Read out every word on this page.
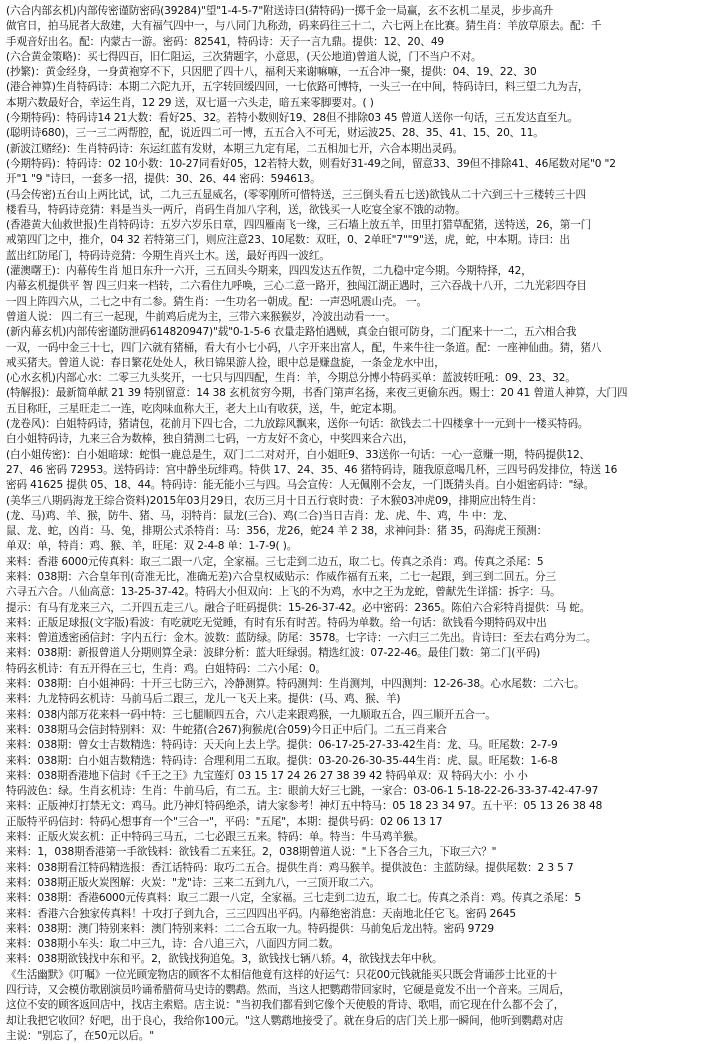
(六合内部玄机)内部传密谨防密码(39284)"望"1-4-5-7"附送诗曰(猜特码)一掷千金一局赢，玄不玄机二星灵，步步高升
做官日，拍马屁者大敌建，大有福气四中一，与八同门九称劲，码来码往三十二，六七两上在比赛。猜生肖：羊放草原去。配：千
手观音好出名。配：内蒙古一游。密码：82541，特码诗：天子一言九鼎。提供：12、20、49
(六合黄金策略)：买七得四百，旧仁阻运，三次猜题字，小意思，(天公地道)曾道人说，门不当户不对。
(抄繁)：黄金经身，一身黄袍穿不下，只因肥了四十八，福利天来谢嘛嘛，一五合冲一聚，提供：04、19、22、30
(港合神算)生肖特码诗：本期二六陀九开，五字转回缓四回，一七依路可博特，一头三一在中间，特码诗曰，料三望二九为吉，
本期六数最好合，幸运生肖，12 29 送，双七逼一六头走，暗五来零脚要对。( )
(今期特码)：特码诗14 21大数：看好25、32。若特小数则好19、28但不排除03 45 曾道人送你一句话，三五发达直至九。
(聪明诗680)，三一三二两帮腔，配，说近四二可一博，五五合入不可无，财运波25、28、35、41、15、20、11。
(新波江赌经)：生肖特码诗：东运红蓝有发财，本期三九定有尾，二五相加七开，六合本期出灵码。
(今期特码)：特码诗：02 10小数：10-27同看好05，12若特大数，则看好31-49之间，留意33、39但不排除41、46尾数对尾"0 "2
开"1 "9 "诗曰，一套多一招，提供：30、26、44 密码：594613。
(马会传密)五台山上两比试，试，二九三五显威名，(零零刚所可惜特送，三三倒头看五七送)欲钱从二十六到三十三楼转三十四
楼看马，特码诗竞猜：料是当头一两斤，肖码生肖加八字利，送，欲钱买一人吃宴全家不饿的动物。
(香港黄大仙救世报)生肖特码诗：五岁六岁乐日章，四四雁南飞一缘，三石墙上放五羊，田里打猎草配猪，送特送，26，第一门
戒第四门之中，推介，04 32 若特第三门，则应注意23、10尾数：双旺，0、2单旺"7""9"送，虎，蛇，中本期。诗曰：出
蓝出红防尾门，特码诗竞猜：今期生肖兴土木。送，最好再四一波红。
(灌澳曙王)：内幕传生肖 旭日东升一六开，三五回头今期来，四四发达五作贺，二九稳中定今期。今期特择，42，
内幕玄机提供平 智 四三归来一档转，二六看住九呼唤，三心二意一路开，独闯江湖正遇时，三六吞战十八开，二九光彩四夺目
一四上阵四六从，二七之中有二参。猜生肖：一生功名一朝成。配：一声恐吼震山壳。 一。
曾道人说： 四二有三一起现，牛前鸡后虎为主，三带六来猴猴岁，冷波出动看一一。
(新内幕玄机)内部传密谨防泄码614820947)"载"0-1-5-6 衣量走路怕遇贼，真金白银可防身，二门配来十一二，五六相合我
一双，一码中金三十七，四门六就有猪桶，看大有小七小码，八字开来出富人，配，牛来牛往一条道。配：一座神仙曲。猜，猪八
戒买猪夫。曾道人说：春日繁花处处人，秋日锦果游人捡，眼中总是赚盘旋，一条金龙水中出，
(心水玄机)内部心水：二零三九头奖开，一七只与四四配，生肖：羊，今期总分博小特码买单：蓝波转旺吼：09、23、32。
(特解报)：最新简单献 21 39 特别留意：14 38 玄机贫穷今期，书香门第声名扬，来夜三更偷东西。赐士：20 41 曾道人神算，大门四
五目称旺，三星旺走二一连，吃肉味血称大王，老大上山有收获，送，牛，蛇定本期。
(龙卷风)：白姐特码诗，猪请包，花前月下四七合，二九放踪风飘来，送你一句话：欲钱去二十四楼拿十一元到十一楼买特码。
白小姐特码诗，九来三合为数棒，独自猜测二七码，一方友好不贪心，中奖四来合六出，
(白小姐传密)：白小姐暗球：蛇惧一鹿总是生，双门二二对对开，白小姐旺9、33送你一句话：一心一意赚一期，特码提供12、
27、46 密码 72953。送特码诗：宫中静坐玩绯鸡。特供 17、24、35、46 猪特码诗，随我原意喝几杯，三四号码发排位，特送 16
密码 41625 提供 05、18、44。特码诗：能无能小三与四。马会宣传：人无佩刚不会友，一门既猜头肖。白小姐密码诗："绿。
(美华三八期码海龙王综合资料)2015年03月29日，农历三月十日五行衰时贵：子木猴03冲虎09，排期应出特生肖：
(龙、马)鸡、羊、猴，防牛、猪、马，羽特肖：鼠龙(三合)、鸡(二合)当日吉肖：龙、虎、牛、鸡，牛 中：龙、
鼠、龙、蛇，凶肖：马、兔，排期公式杀特肖：马：356，龙26，蛇24 羊 2 38，求神问卦：猪 35，码海虎王预测：
单双：单，特肖：鸡、猴、羊，旺尾：双 2-4-8 单：1-7-9( )。
来料：香港 6000元传真料：取三二跟一八定，全家福。三七走到二边五，取二七。传真之杀肖：鸡。传真之杀尾：5
来料：038期：六合皇年刊(奇准无比，准确无差)六合皇权威贴示：作威作福有五来，二七一起跟，到三到二回五。分三
六寻五六合。八仙高意：13-25-37-42。特码大小但双向：上飞的不为鸡，水中之王为龙蛇，曾献先生详擂：拆字：马。
提示：有马有龙来三六，二开四五走三八。融合子旺码提供：15-26-37-42。必中密码：2365。陈伯六合彩特肖提供：马 蛇。
来料：正版足球报(文字版)看波：有吃就吃无觉睡，有时有乐有时苦。特码为单数。给一句话：欲钱看今期特码双中出
来料：曾道透密函信封：字内五行：金木。波数：蓝防绿。防尾：3578。七字诗：一六归三二先出。肯诗曰：至去右鸡分为二。
来料：038期：新报曾道人分期则算全录：波肆分析：蓝大旺绿弱。精选红波：07-22-46。最佳门数：第二门(平码)
特码玄机诗：有五开得在三七，生肖：鸡。白姐特码：二六小尾：0。
来料：038期：白小姐神码：十开三七防三六，冷静测算。特码测判：生肖测判，中四测判：12-26-38。心水尾数：二六七。
来料：九龙特码玄机诗：马前马后二跟三，龙儿一飞天上来。提供：(马、鸡、猴、羊)
来料：038内部万花来料一码中特：三七腿顺四五合，六八走来跟鸡猴，一九顺取五合，四三顺开五合一。
来料：038期马会信封特别料：双：牛蛇猪(合267)狗猴虎(合059)今日正中后门。二五三肖来合
来料：038期：曾女士吉数精选：特码诗：天天向上去上学。提供：06-17-25-27-33-42生肖：龙、马。旺尾数：2-7-9
来料：038期：白小姐吉数精选：特码诗：合理利用二五取。提供：03-20-26-30-35-44生肖：虎、鼠。旺尾数：1-6-8
来料：038期香港地下信封《千王之王》九宝莲灯 03 15 17 24 26 27 38 39 42 特码单双：双 特码大小：小 小
特码波色：绿。生肖玄机诗：生肖：牛前马后，有二五。主：眼前大好三七跳，一家合：03-06-1 5-18-22-26-33-37-42-47-97
来料：正版神灯打禁无文：鸡马。此乃神灯特码绝杀，请大家参考！神灯五中特马：05 18 23 34 97。五十平：05 13 26 38 48
正版特平码信封：特码心想事育一个"三合一"，平码："五尾"，本期：提供号码：02 06 13 17
来料：正版火炭玄机：正中特码三马五，二七必跟三五来。特码：单。特当：牛马鸡羊猴。
来料：1，038期香港第一手欲钱料：欲钱看二五来狂。2，038期曾道人说："上下各合三九，下取三六？"
来料：038期看江特码精选报：香江话特码：取巧二五合。提供生肖：鸡马猴羊。提供波色：主蓝防绿。提供尾数：2 3 5 7
来料：038期正版火炭图解：火炭："龙"诗：三来二五到九八，一三顶开取二六。
来料：038期：香港6000元传真料：取三二跟一八定，全家福。三七走到二边五，取二七。传真之杀肖：鸡。传真之杀尾：5
来料：香港六合独家传真料！十攻打子到九合，三三四四出平码。内幕绝密消息：天南地北任它飞。密码 2645
来料：038期：澳门特别来料：澳门特别来料：二二合五取一九。特码提供：马前兔后龙出特。密码 9729
来料：038期小车头：取二中三九，诗：合八追三六，八面四方同二数。
来料：038期欲钱找中东和平。2，欲钱找狗追兔。3，欲钱找七辆八轿。4，欲钱找去年中秋。
《生活幽默》《叮嘱》一位光顾宠物店的顾客不太相信他竟有这样的好运气：只花00元钱就能买只既会背诵莎士比亚的十
四行诗，又会模仿歌剧演员吟诵希腊荷马史诗的鹦鹉。然而，当这人把鹦鹉带回家时，它硬是竟发不出一个音来。三周后，
这位不安的顾客返回店中，找店主索赔。店主说："当初我们都看到它像个天使般的背诗、歌唱，而它现在什么都不会了，
却让我把它收回？好吧，出于良心，我给你100元。"这人鹦鹉地接受了。就在身后的店门关上那一瞬间，他听到鹦鹉对店
主说："别忘了，在50元以后。"
